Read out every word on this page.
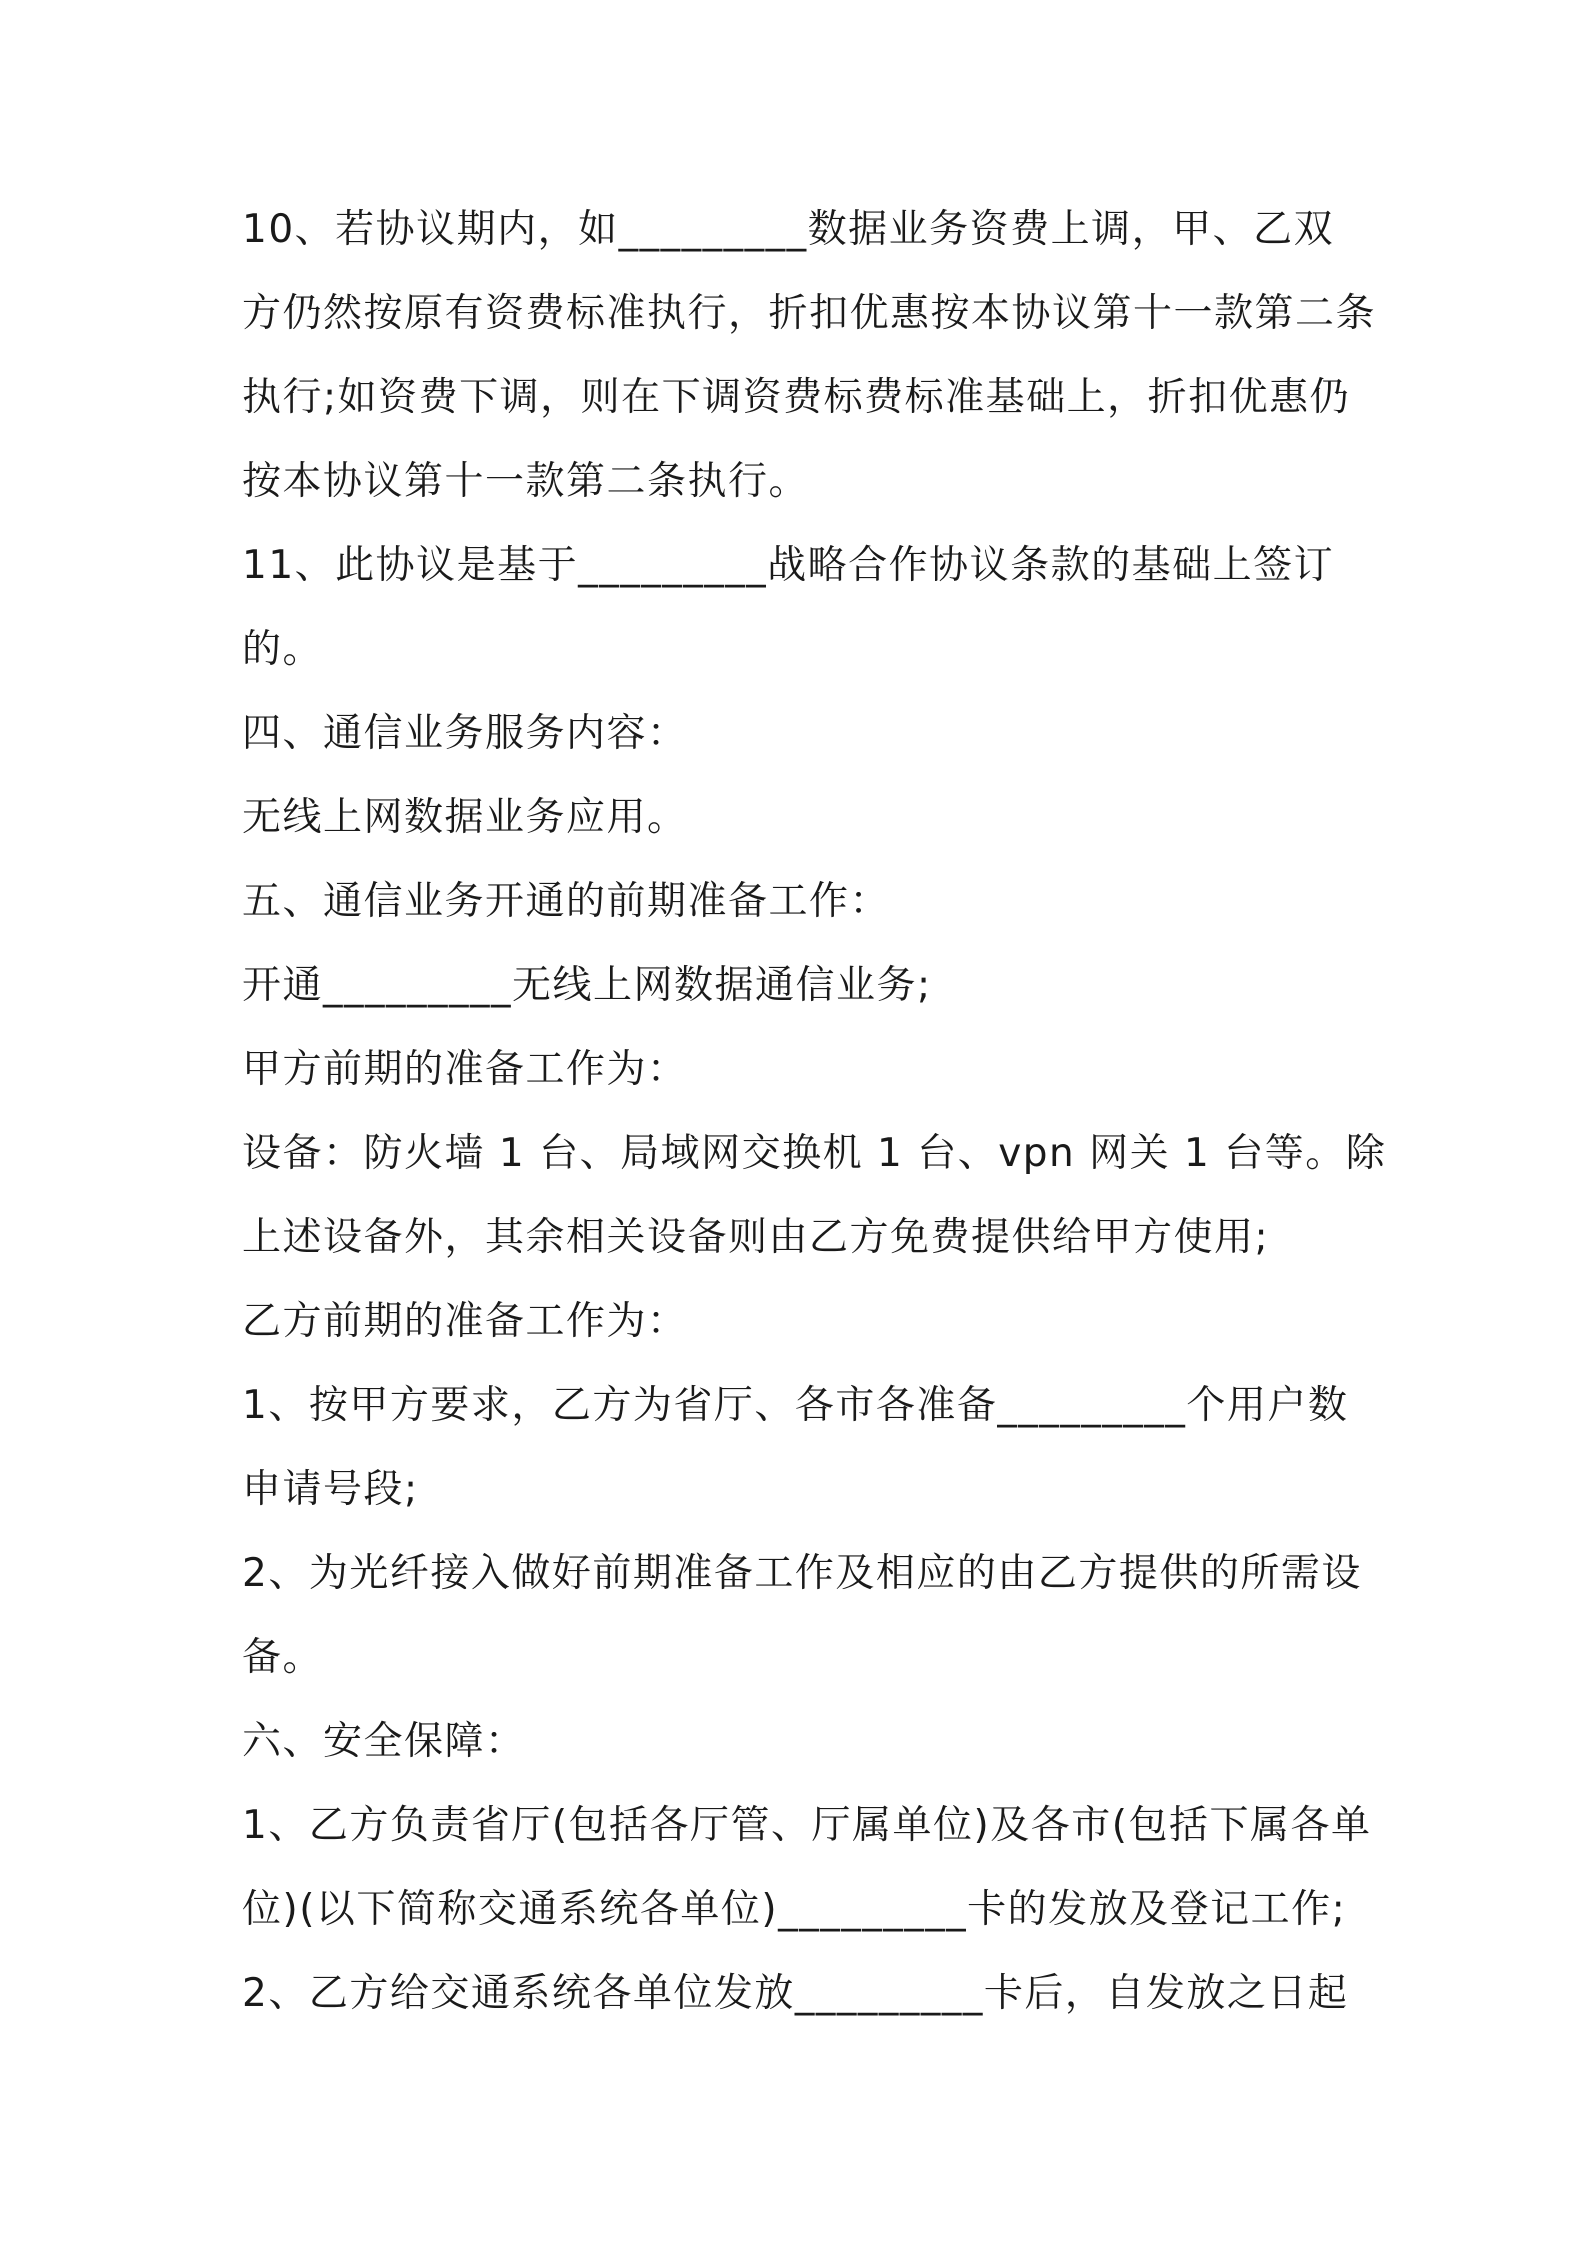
10、若协议期内，如_________数据业务资费上调，甲、乙双

方仍然按原有资费标准执行，折扣优惠按本协议第十一款第二条

执行;如资费下调，则在下调资费标费标准基础上，折扣优惠仍

按本协议第十一款第二条执行。

11、此协议是基于_________战略合作协议条款的基础上签订

的。

四、通信业务服务内容：

无线上网数据业务应用。

五、通信业务开通的前期准备工作：

开通_________无线上网数据通信业务;

甲方前期的准备工作为：

设备：防火墙 1 台、局域网交换机 1 台、vpn 网关 1 台等。除

上述设备外，其余相关设备则由乙方免费提供给甲方使用;

乙方前期的准备工作为：

1、按甲方要求，乙方为省厅、各市各准备_________个用户数

申请号段;

2、为光纤接入做好前期准备工作及相应的由乙方提供的所需设

备。

六、安全保障：

1、乙方负责省厅(包括各厅管、厅属单位)及各市(包括下属各单

位)(以下简称交通系统各单位)_________卡的发放及登记工作;

2、乙方给交通系统各单位发放_________卡后，自发放之日起
